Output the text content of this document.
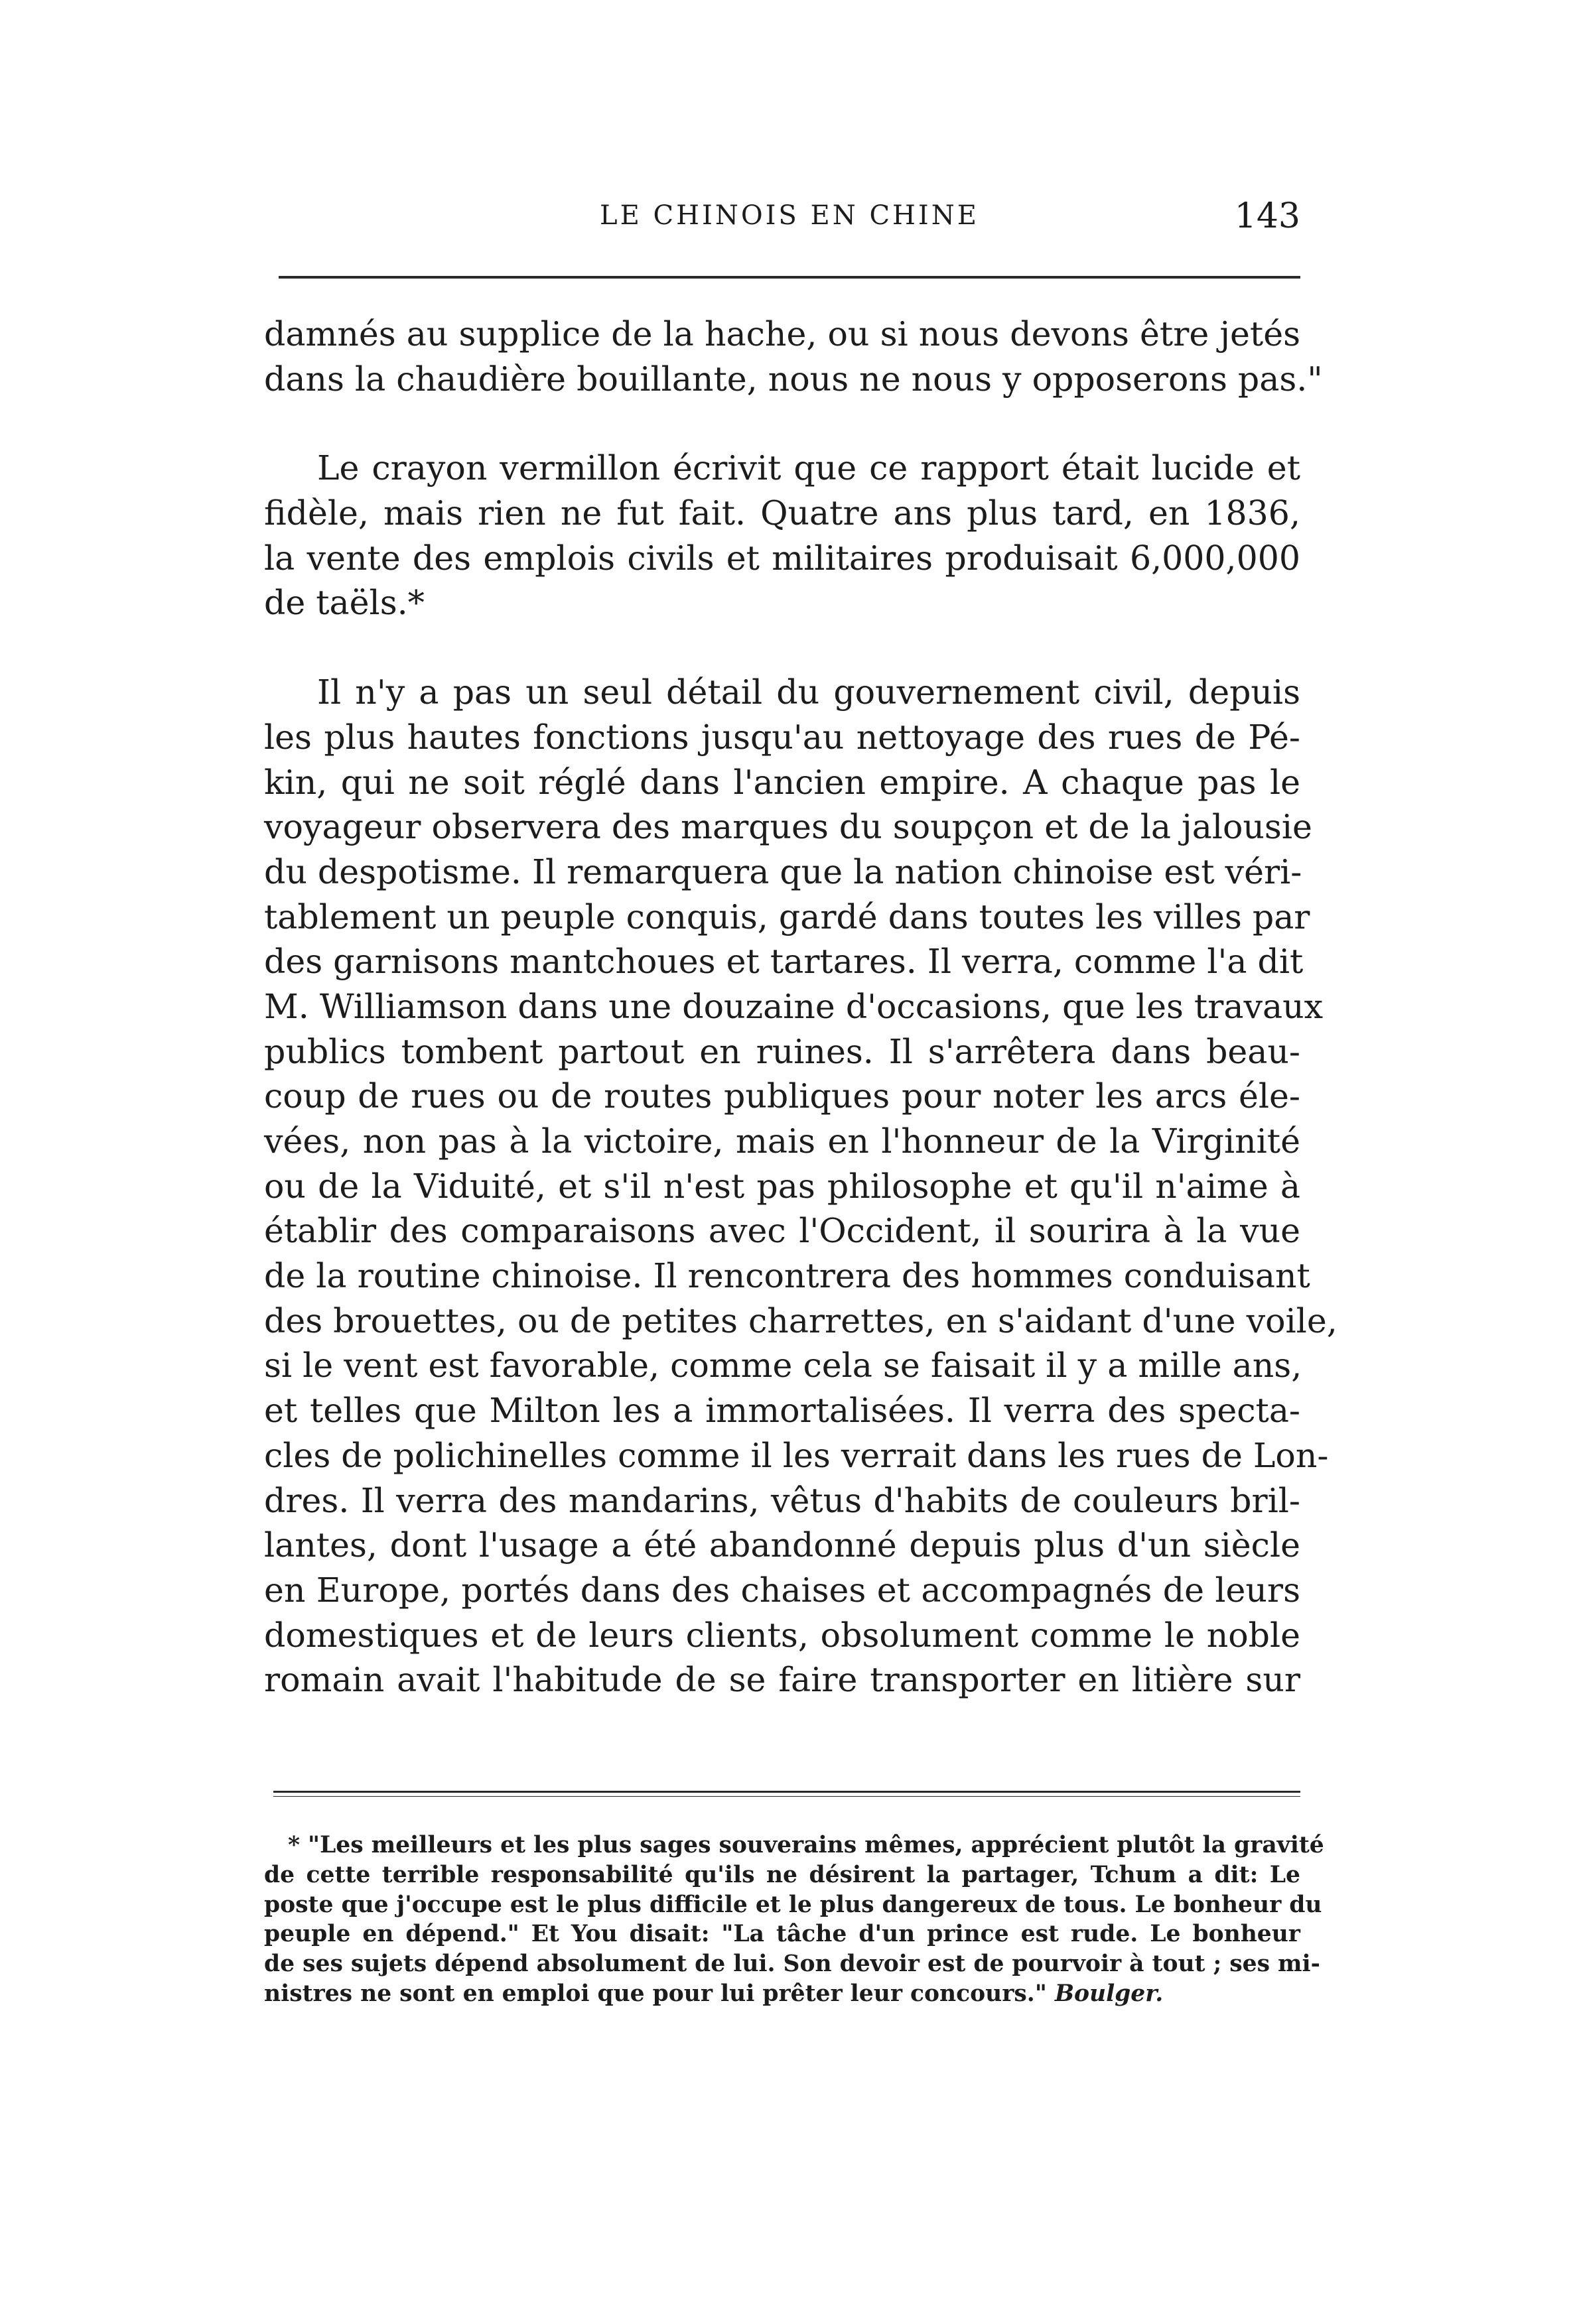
LE CHINOIS EN CHINE	143
damnés au supplice de la hache, ou si nous devons être jetés
dans la chaudière bouillante, nous ne nous y opposerons pas."
Le crayon vermillon écrivit que ce rapport était lucide et
fidèle, mais rien ne fut fait. Quatre ans plus tard, en 1836,
la vente des emplois civils et militaires produisait 6,000,000
de taëls.*
Il n'y a pas un seul détail du gouvernement civil, depuis
les plus hautes fonctions jusqu'au nettoyage des rues de Pé-
kin, qui ne soit réglé dans l'ancien empire. A chaque pas le
voyageur observera des marques du soupçon et de la jalousie
du despotisme. Il remarquera que la nation chinoise est véri-
tablement un peuple conquis, gardé dans toutes les villes par
des garnisons mantchoues et tartares. Il verra, comme l'a dit
M. Williamson dans une douzaine d'occasions, que les travaux
publics tombent partout en ruines. Il s'arrêtera dans beau-
coup de rues ou de routes publiques pour noter les arcs éle-
vées, non pas à la victoire, mais en l'honneur de la Virginité
ou de la Viduité, et s'il n'est pas philosophe et qu'il n'aime à
établir des comparaisons avec l'Occident, il sourira à la vue
de la routine chinoise. Il rencontrera des hommes conduisant
des brouettes, ou de petites charrettes, en s'aidant d'une voile,
si le vent est favorable, comme cela se faisait il y a mille ans,
et telles que Milton les a immortalisées. Il verra des specta-
cles de polichinelles comme il les verrait dans les rues de Lon-
dres. Il verra des mandarins, vêtus d'habits de couleurs bril-
lantes, dont l'usage a été abandonné depuis plus d'un siècle
en Europe, portés dans des chaises et accompagnés de leurs
domestiques et de leurs clients, obsolument comme le noble
romain avait l'habitude de se faire transporter en litière sur
* "Les meilleurs et les plus sages souverains mêmes, apprécient plutôt la gravité
de cette terrible responsabilité qu'ils ne désirent la partager, Tchum a dit: Le
poste que j'occupe est le plus difficile et le plus dangereux de tous. Le bonheur du
peuple en dépend." Et You disait: "La tâche d'un prince est rude. Le bonheur
de ses sujets dépend absolument de lui. Son devoir est de pourvoir à tout ; ses mi-
nistres ne sont en emploi que pour lui prêter leur concours." Boulger.
